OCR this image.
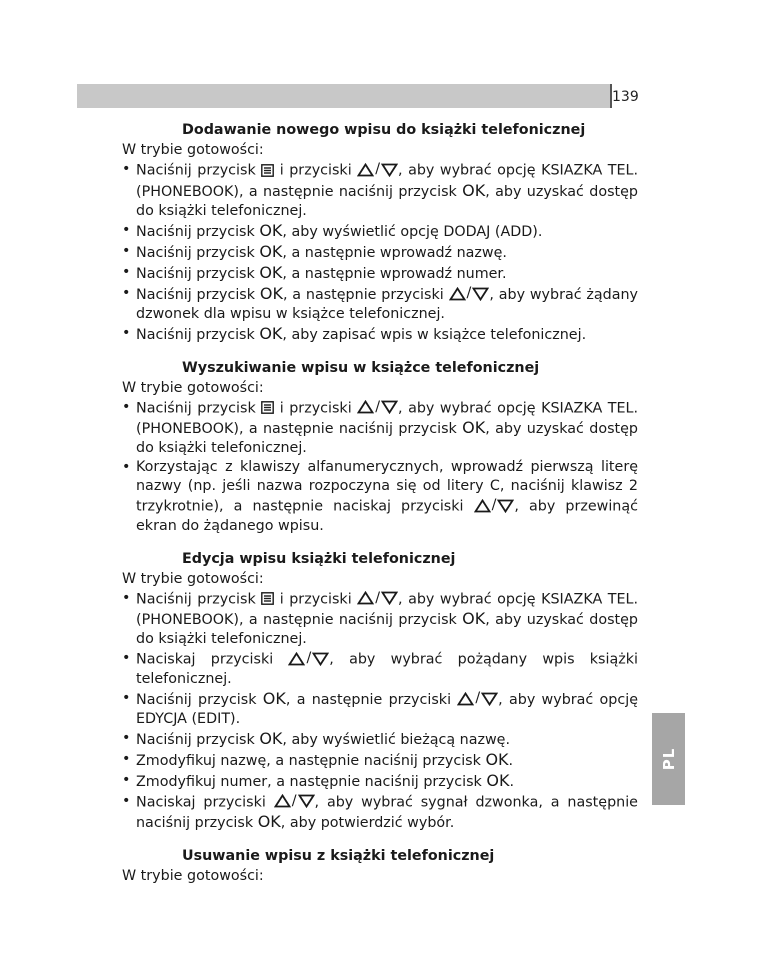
139
PL
Dodawanie nowego wpisu do książki telefonicznej
W trybie gotowości:
• Naciśnij przycisk  i przyciski / , aby wybrać opcję KSIAZKA TEL. (PHONEBOOK), a następnie naciśnij przycisk OK, aby uzyskać dostęp do książki telefonicznej.
• Naciśnij przycisk OK, aby wyświetlić opcję DODAJ (ADD).
• Naciśnij przycisk OK, a następnie wprowadź nazwę.
• Naciśnij przycisk OK, a następnie wprowadź numer.
• Naciśnij przycisk OK, a następnie przyciski / , aby wybrać żądany dzwonek dla wpisu w książce telefonicznej.
• Naciśnij przycisk OK, aby zapisać wpis w książce telefonicznej.
Wyszukiwanie wpisu w książce telefonicznej
W trybie gotowości:
• Naciśnij przycisk  i przyciski / , aby wybrać opcję KSIAZKA TEL. (PHONEBOOK), a następnie naciśnij przycisk OK, aby uzyskać dostęp do książki telefonicznej.
• Korzystając z klawiszy alfanumerycznych, wprowadź pierwszą literę nazwy (np. jeśli nazwa rozpoczyna się od litery C, naciśnij klawisz 2 trzykrotnie), a następnie naciskaj przyciski / , aby przewinąć ekran do żądanego wpisu.
Edycja wpisu książki telefonicznej
W trybie gotowości:
• Naciśnij przycisk  i przyciski / , aby wybrać opcję KSIAZKA TEL. (PHONEBOOK), a następnie naciśnij przycisk OK, aby uzyskać dostęp do książki telefonicznej.
• Naciskaj przyciski / , aby wybrać pożądany wpis książki telefonicznej.
• Naciśnij przycisk OK, a następnie przyciski / , aby wybrać opcję EDYCJA (EDIT).
• Naciśnij przycisk OK, aby wyświetlić bieżącą nazwę.
• Zmodyfikuj nazwę, a następnie naciśnij przycisk OK.
• Zmodyfikuj numer, a następnie naciśnij przycisk OK.
• Naciskaj przyciski / , aby wybrać sygnał dzwonka, a następnie naciśnij przycisk OK, aby potwierdzić wybór.
Usuwanie wpisu z książki telefonicznej
W trybie gotowości:
